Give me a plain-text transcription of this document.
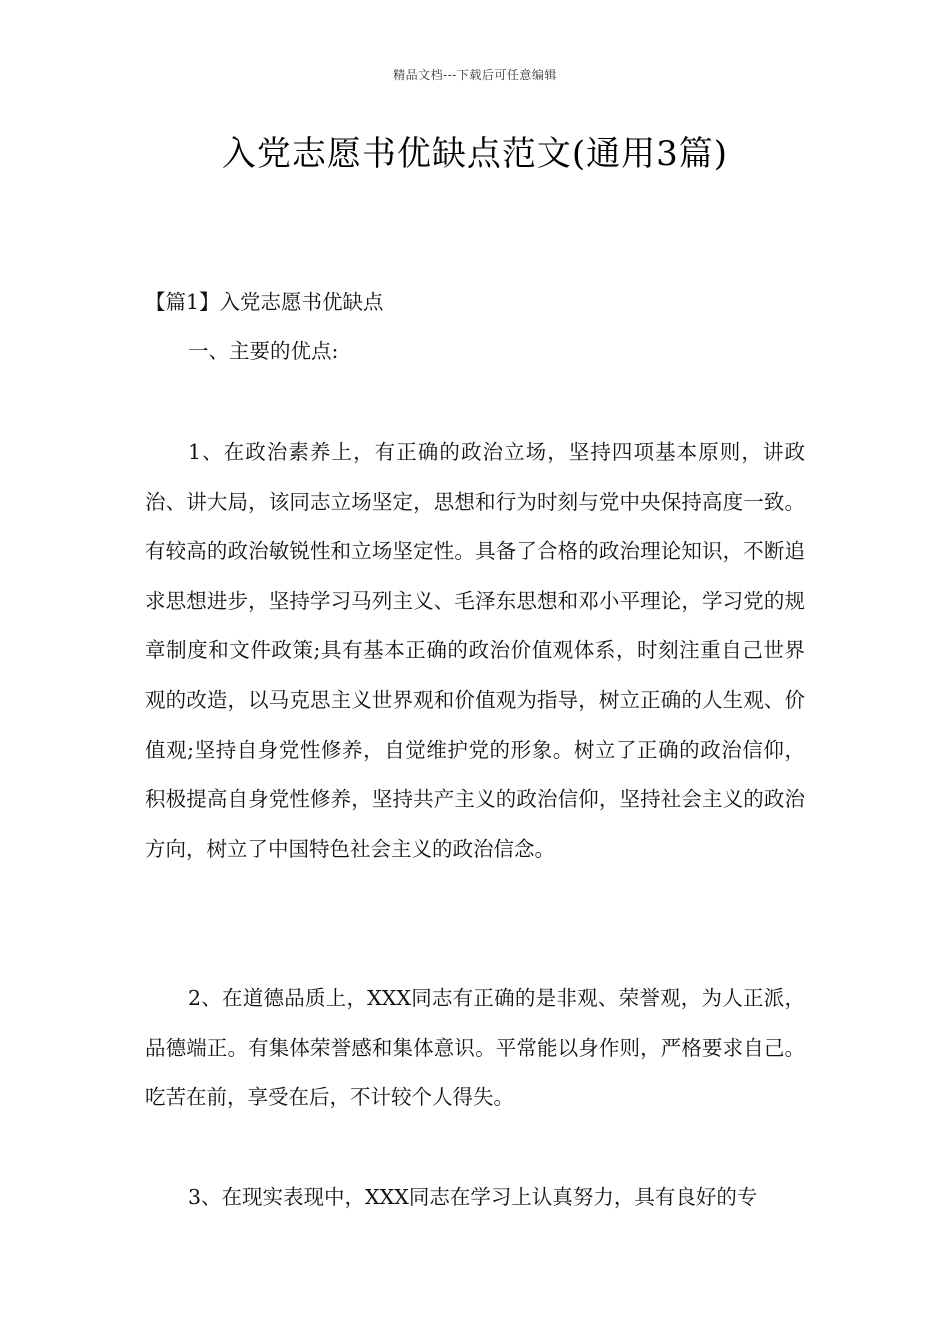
精品文档---下载后可任意编辑
入党志愿书优缺点范文(通用3篇)

【篇1】入党志愿书优缺点

一、主要的优点:

1、在政治素养上，有正确的政治立场，坚持四项基本原则，讲政治、讲大局，该同志立场坚定，思想和行为时刻与党中央保持高度一致。有较高的政治敏锐性和立场坚定性。具备了合格的政治理论知识，不断追求思想进步，坚持学习马列主义、毛泽东思想和邓小平理论，学习党的规章制度和文件政策;具有基本正确的政治价值观体系，时刻注重自己世界观的改造，以马克思主义世界观和价值观为指导，树立正确的人生观、价值观;坚持自身党性修养，自觉维护党的形象。树立了正确的政治信仰，积极提高自身党性修养，坚持共产主义的政治信仰，坚持社会主义的政治方向，树立了中国特色社会主义的政治信念。

2、在道德品质上，XXX同志有正确的是非观、荣誉观，为人正派，品德端正。有集体荣誉感和集体意识。平常能以身作则，严格要求自己。吃苦在前，享受在后，不计较个人得失。

3、在现实表现中，XXX同志在学习上认真努力，具有良好的专
